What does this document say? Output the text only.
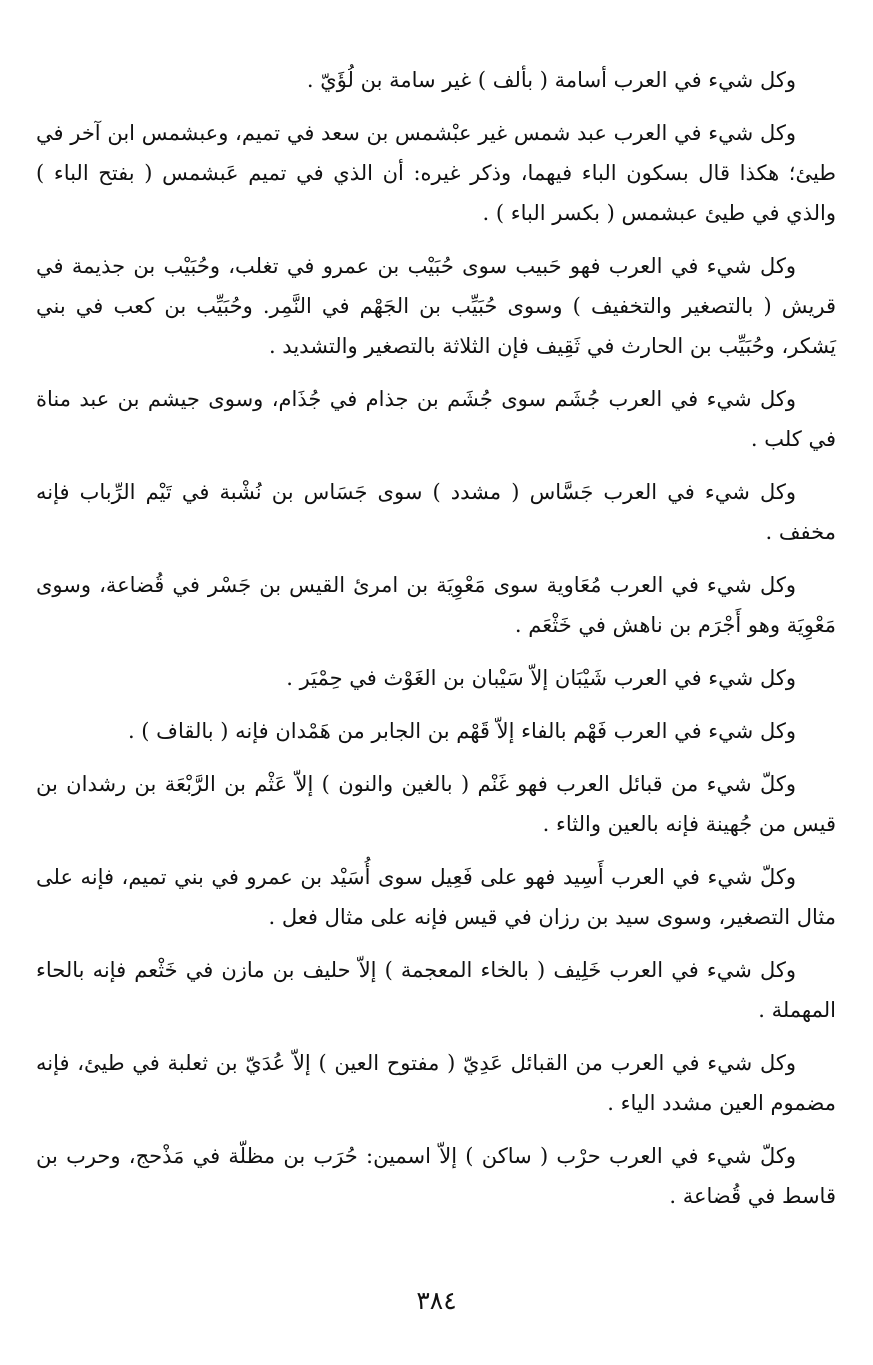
وكل شيء في العرب أسامة ( بألف ) غير سامة بن لُؤَيّ .

وكل شيء في العرب عبد شمس غير عبْشمس بن سعد في تميم، وعبشمس ابن آخر في طيئ؛ هكذا قال بسكون الباء فيهما، وذكر غيره: أن الذي في تميم عَبشمس ( بفتح الباء ) والذي في طيئ عبشمس ( بكسر الباء ) .

وكل شيء في العرب فهو حَبيب سوى حُبَيْب بن عمرو في تغلب، وحُبَيْب بن جذيمة في قريش ( بالتصغير والتخفيف ) وسوى حُبَيِّب بن الجَهْم في النَّمِر. وحُبَيِّب بن كعب في بني يَشكر، وحُبَيِّب بن الحارث في ثَقِيف فإن الثلاثة بالتصغير والتشديد .

وكل شيء في العرب جُشَم سوى جُشَم بن جذام في جُذَام، وسوى جيشم بن عبد مناة في كلب .

وكل شيء في العرب جَسَّاس ( مشدد ) سوى جَسَاس بن نُشْبة في تَيْم الرِّباب فإنه مخفف .

وكل شيء في العرب مُعَاوية سوى مَعْوِيَة بن امرئ القيس بن جَسْر في قُضاعة، وسوى مَعْوِيَة وهو أَجْرَم بن ناهش في خَثْعَم .

وكل شيء في العرب شَيْبَان إلاّ سَيْبان بن الغَوْث في حِمْيَر .

وكل شيء في العرب فَهْم بالفاء إلاّ قَهْم بن الجابر من هَمْدان فإنه ( بالقاف ) .

وكلّ شيء من قبائل العرب فهو غَنْم ( بالغين والنون ) إلاّ عَثْم بن الرَّبْعَة بن رشدان بن قيس من جُهينة فإنه بالعين والثاء .

وكلّ شيء في العرب أَسِيد فهو على فَعِيل سوى أُسَيْد بن عمرو في بني تميم، فإنه على مثال التصغير، وسوى سيد بن رزان في قيس فإنه على مثال فعل .

وكل شيء في العرب خَلِيف ( بالخاء المعجمة ) إلاّ حليف بن مازن في خَثْعم فإنه بالحاء المهملة .

وكل شيء في العرب من القبائل عَدِيّ ( مفتوح العين ) إلاّ عُدَيّ بن ثعلبة في طيئ، فإنه مضموم العين مشدد الياء .

وكلّ شيء في العرب حرْب ( ساكن ) إلاّ اسمين: حُرَب بن مظلّة في مَذْحج، وحرب بن قاسط في قُضاعة .

٣٨٤
